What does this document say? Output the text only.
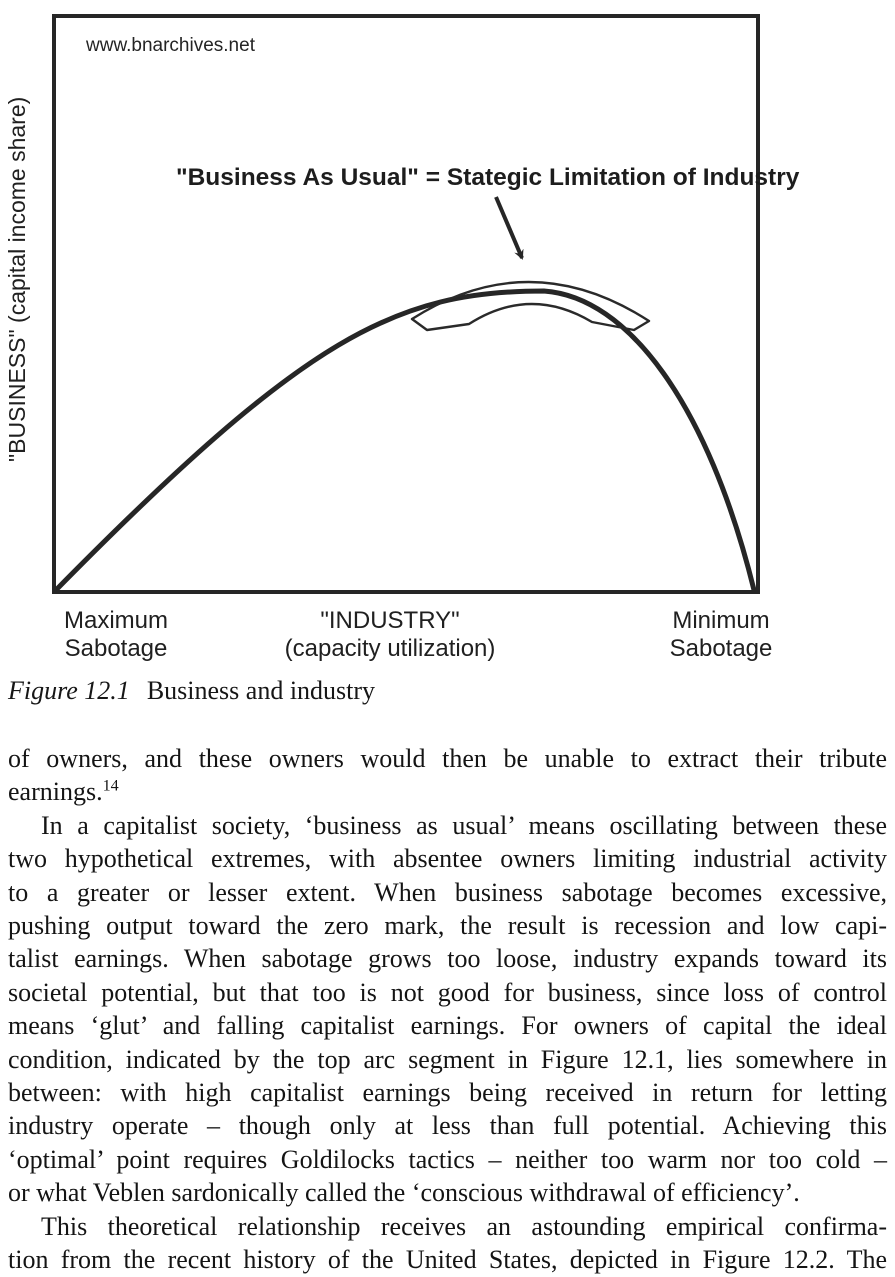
"BUSINESS" (capital income share)
www.bnarchives.net
"Business As Usual" = Stategic Limitation of Industry
Maximum
Sabotage
"INDUSTRY"
(capacity utilization)
Minimum
Sabotage
Figure 12.1 Business and industry
of owners, and these owners would then be unable to extract their tribute
earnings.$^{14}$
In a capitalist society, ‘business as usual’ means oscillating between these
two hypothetical extremes, with absentee owners limiting industrial activity
to a greater or lesser extent. When business sabotage becomes excessive,
pushing output toward the zero mark, the result is recession and low capi-
talist earnings. When sabotage grows too loose, industry expands toward its
societal potential, but that too is not good for business, since loss of control
means ‘glut’ and falling capitalist earnings. For owners of capital the ideal
condition, indicated by the top arc segment in Figure 12.1, lies somewhere in
between: with high capitalist earnings being received in return for letting
industry operate – though only at less than full potential. Achieving this
‘optimal’ point requires Goldilocks tactics – neither too warm nor too cold –
or what Veblen sardonically called the ‘conscious withdrawal of efficiency’.
This theoretical relationship receives an astounding empirical confirma-
tion from the recent history of the United States, depicted in Figure 12.2. The
